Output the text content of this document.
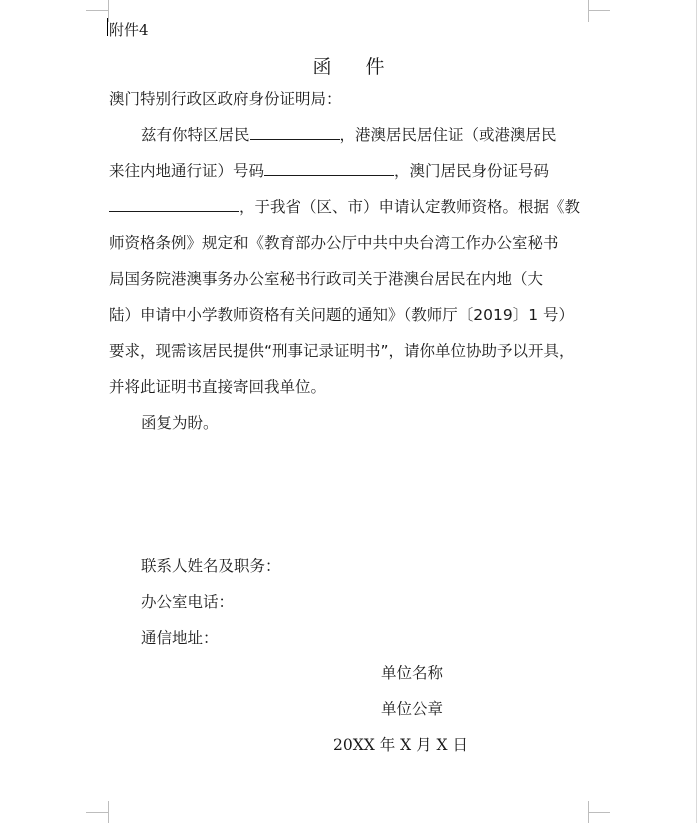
附件4
函 件
澳门特别行政区政府身份证明局：
兹有你特区居民	，港澳居民居住证（或港澳居民
来往内地通行证）号码	，澳门居民身份证号码
，于我省（区、市）申请认定教师资格。根据《教
师资格条例》规定和《教育部办公厅中共中央台湾工作办公室秘书
局国务院港澳事务办公室秘书行政司关于港澳台居民在内地（大
陆）申请中小学教师资格有关问题的通知》（教师厅〔2019〕1 号）
要求，现需该居民提供“刑事记录证明书”，请你单位协助予以开具，
并将此证明书直接寄回我单位。
函复为盼。
联系人姓名及职务：
办公室电话：
通信地址：
单位名称
单位公章
20XX 年 X 月 X 日
